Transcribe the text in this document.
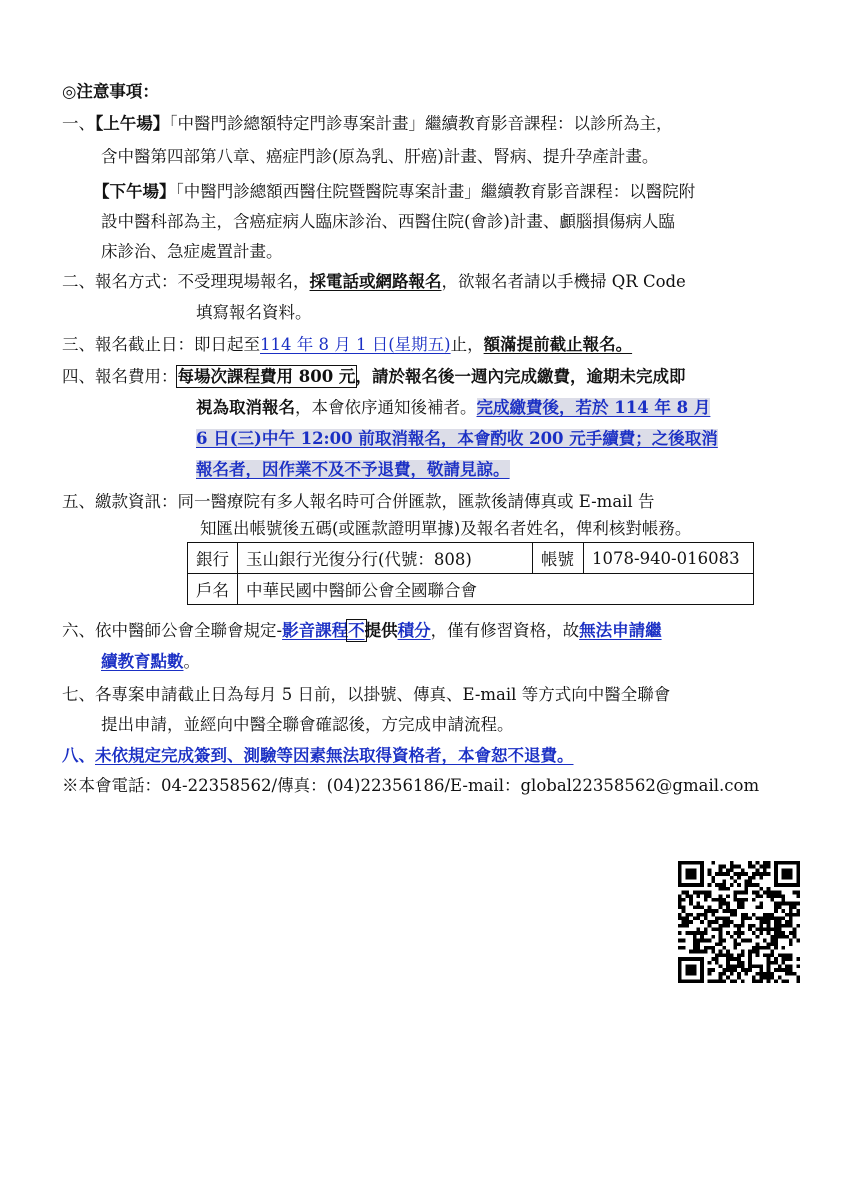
◎注意事項：
一、【上午場】「中醫門診總額特定門診專案計畫」繼續教育影音課程：以診所為主，
含中醫第四部第八章、癌症門診(原為乳、肝癌)計畫、腎病、提升孕產計畫。
【下午場】「中醫門診總額西醫住院暨醫院專案計畫」繼續教育影音課程：以醫院附
設中醫科部為主，含癌症病人臨床診治、西醫住院(會診)計畫、顱腦損傷病人臨
床診治、急症處置計畫。
二、報名方式：不受理現場報名，採電話或網路報名，欲報名者請以手機掃 QR Code
填寫報名資料。
三、報名截止日：即日起至114 年 8 月 1 日(星期五)止，額滿提前截止報名。
四、報名費用：每場次課程費用 800 元，請於報名後一週內完成繳費，逾期未完成即
視為取消報名，本會依序通知後補者。完成繳費後，若於 114 年 8 月
6 日(三)中午 12:00 前取消報名，本會酌收 200 元手續費；之後取消
報名者，因作業不及不予退費，敬請見諒。
五、繳款資訊：同一醫療院有多人報名時可合併匯款，匯款後請傳真或 E-mail 告
知匯出帳號後五碼(或匯款證明單據)及報名者姓名，俾利核對帳務。
銀行	玉山銀行光復分行(代號：808)	帳號	1078-940-016083
戶名	中華民國中醫師公會全國聯合會		
六、依中醫師公會全聯會規定-影音課程不提供積分，僅有修習資格，故無法申請繼
續教育點數。
七、各專案申請截止日為每月 5 日前，以掛號、傳真、E-mail 等方式向中醫全聯會
提出申請，並經向中醫全聯會確認後，方完成申請流程。
八、未依規定完成簽到、測驗等因素無法取得資格者，本會恕不退費。
※本會電話：04-22358562/傳真：(04)22356186/E-mail：global22358562@gmail.com
